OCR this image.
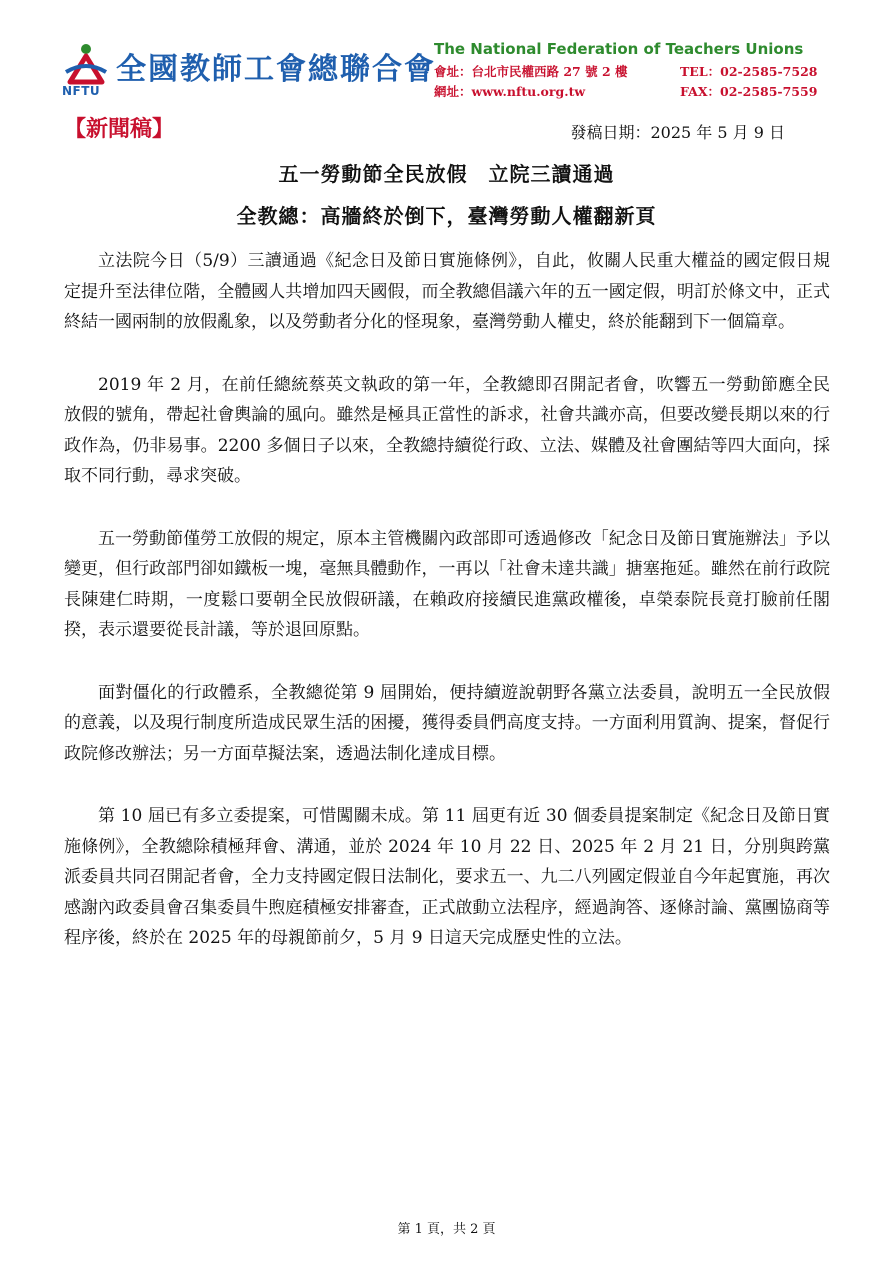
NFTU
全國教師工會總聯合會
The National Federation of Teachers Unions
會址：台北市民權西路 27 號 2 樓	TEL：02-2585-7528
網址：www.nftu.org.tw	FAX：02-2585-7559
【新聞稿】	發稿日期：2025 年 5 月 9 日
五一勞動節全民放假　立院三讀通過
全教總：高牆終於倒下，臺灣勞動人權翻新頁

立法院今日（5/9）三讀通過《紀念日及節日實施條例》，自此，攸關人民重大權益的國定假日規定提升至法律位階，全體國人共增加四天國假，而全教總倡議六年的五一國定假，明訂於條文中，正式終結一國兩制的放假亂象，以及勞動者分化的怪現象，臺灣勞動人權史，終於能翻到下一個篇章。

2019 年 2 月，在前任總統蔡英文執政的第一年，全教總即召開記者會，吹響五一勞動節應全民放假的號角，帶起社會輿論的風向。雖然是極具正當性的訴求，社會共識亦高，但要改變長期以來的行政作為，仍非易事。2200 多個日子以來，全教總持續從行政、立法、媒體及社會團結等四大面向，採取不同行動，尋求突破。

五一勞動節僅勞工放假的規定，原本主管機關內政部即可透過修改「紀念日及節日實施辦法」予以變更，但行政部門卻如鐵板一塊，毫無具體動作，一再以「社會未達共識」搪塞拖延。雖然在前行政院長陳建仁時期，一度鬆口要朝全民放假研議，在賴政府接續民進黨政權後，卓榮泰院長竟打臉前任閣揆，表示還要從長計議，等於退回原點。

面對僵化的行政體系，全教總從第 9 屆開始，便持續遊說朝野各黨立法委員，說明五一全民放假的意義，以及現行制度所造成民眾生活的困擾，獲得委員們高度支持。一方面利用質詢、提案，督促行政院修改辦法；另一方面草擬法案，透過法制化達成目標。

第 10 屆已有多立委提案，可惜闖關未成。第 11 屆更有近 30 個委員提案制定《紀念日及節日實施條例》，全教總除積極拜會、溝通，並於 2024 年 10 月 22 日、2025 年 2 月 21 日，分別與跨黨派委員共同召開記者會，全力支持國定假日法制化，要求五一、九二八列國定假並自今年起實施，再次感謝內政委員會召集委員牛煦庭積極安排審查，正式啟動立法程序，經過詢答、逐條討論、黨團協商等程序後，終於在 2025 年的母親節前夕，5 月 9 日這天完成歷史性的立法。

第 1 頁，共 2 頁
